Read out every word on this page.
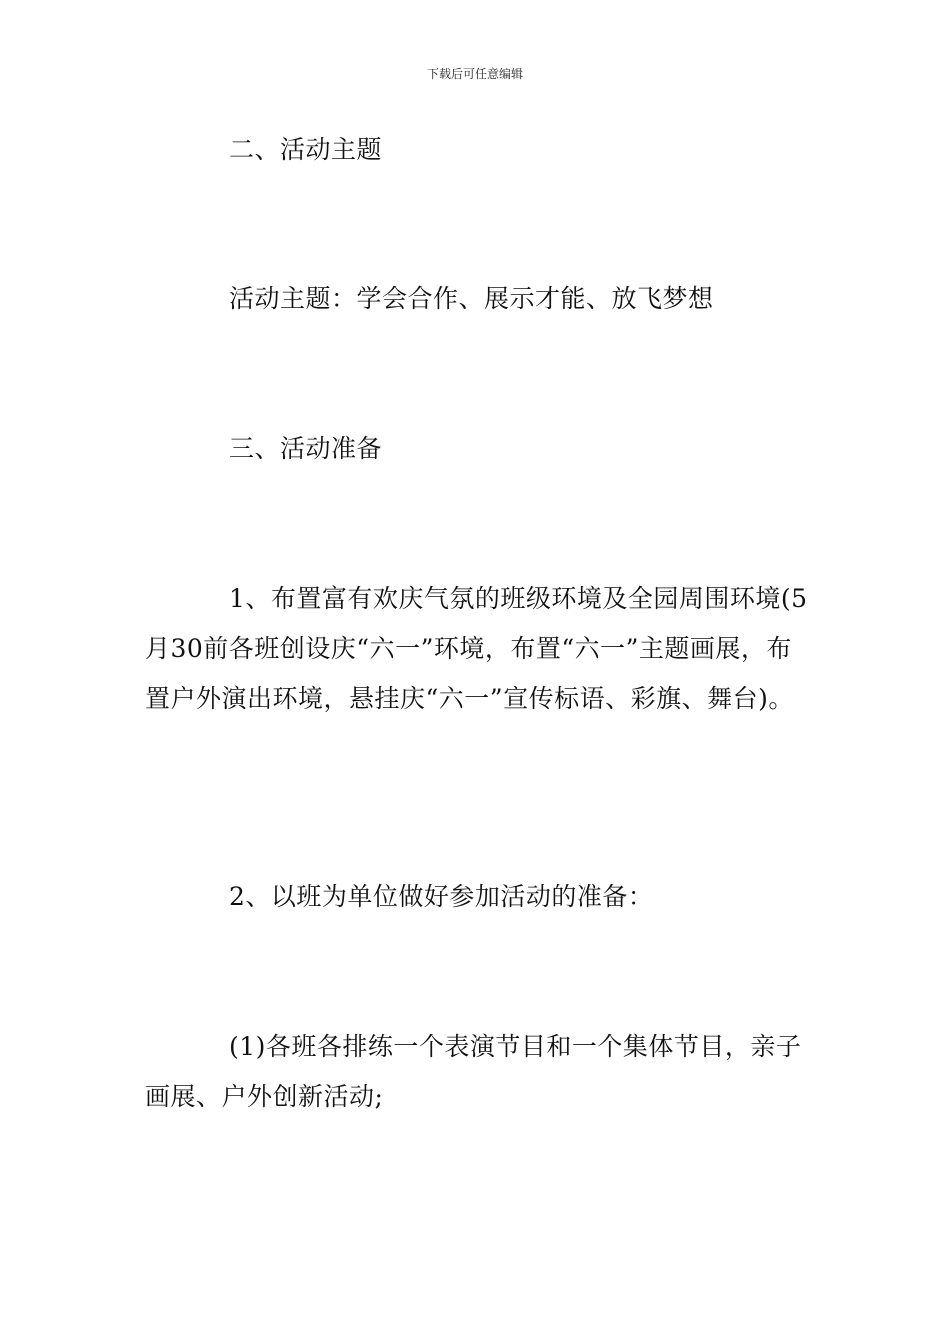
下载后可任意编辑

二、活动主题

活动主题：学会合作、展示才能、放飞梦想

三、活动准备

1、布置富有欢庆气氛的班级环境及全园周围环境(5月30前各班创设庆“六一”环境，布置“六一”主题画展，布置户外演出环境，悬挂庆“六一”宣传标语、彩旗、舞台)。

2、以班为单位做好参加活动的准备：

(1)各班各排练一个表演节目和一个集体节目，亲子画展、户外创新活动;
